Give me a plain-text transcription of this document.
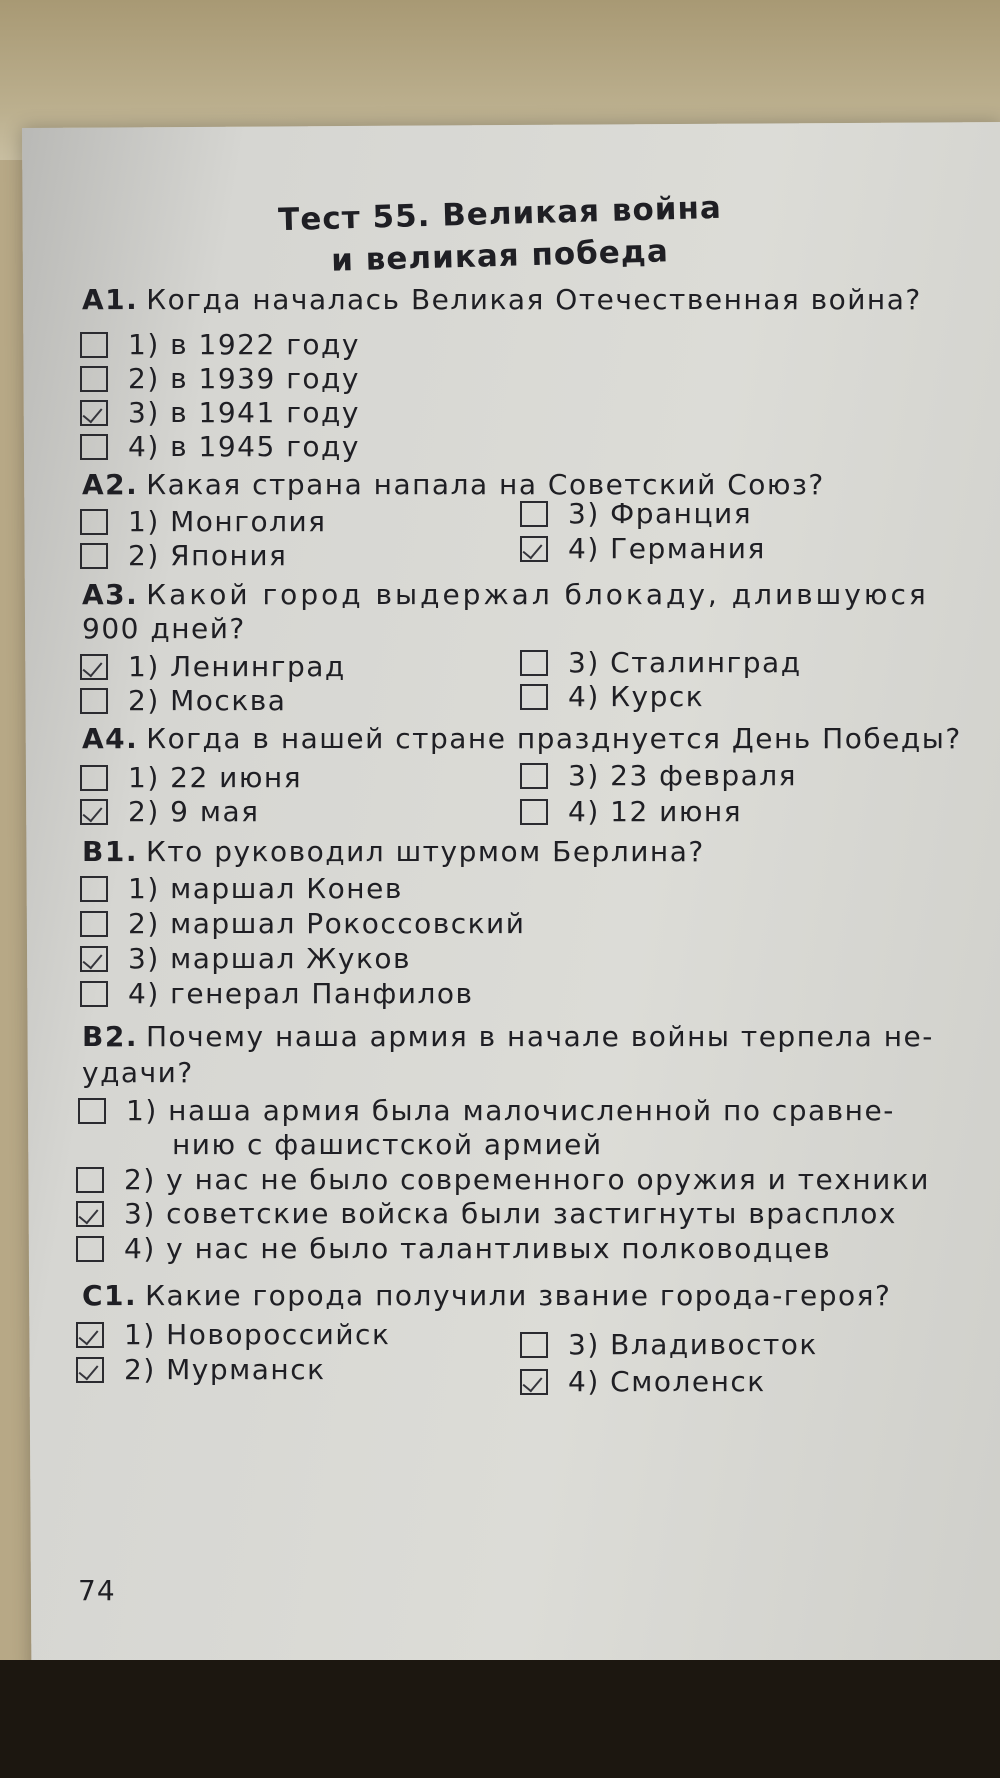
Тест 55. Великая война
и великая победа
А1. Когда началась Великая Отечественная война?
1) в 1922 году
2) в 1939 году
3) в 1941 году
4) в 1945 году
А2. Какая страна напала на Советский Союз?
1) Монголия
2) Япония
3) Франция
4) Германия
А3. Какой город выдержал блокаду, длившуюся
900 дней?
1) Ленинград
2) Москва
3) Сталинград
4) Курск
А4. Когда в нашей стране празднуется День Победы?
1) 22 июня
2) 9 мая
3) 23 февраля
4) 12 июня
В1. Кто руководил штурмом Берлина?
1) маршал Конев
2) маршал Рокоссовский
3) маршал Жуков
4) генерал Панфилов
В2. Почему наша армия в начале войны терпела не-
удачи?
1) наша армия была малочисленной по сравне-
нию с фашистской армией
2) у нас не было современного оружия и техники
3) советские войска были застигнуты врасплох
4) у нас не было талантливых полководцев
С1. Какие города получили звание города-героя?
1) Новороссийск
2) Мурманск
3) Владивосток
4) Смоленск
74
